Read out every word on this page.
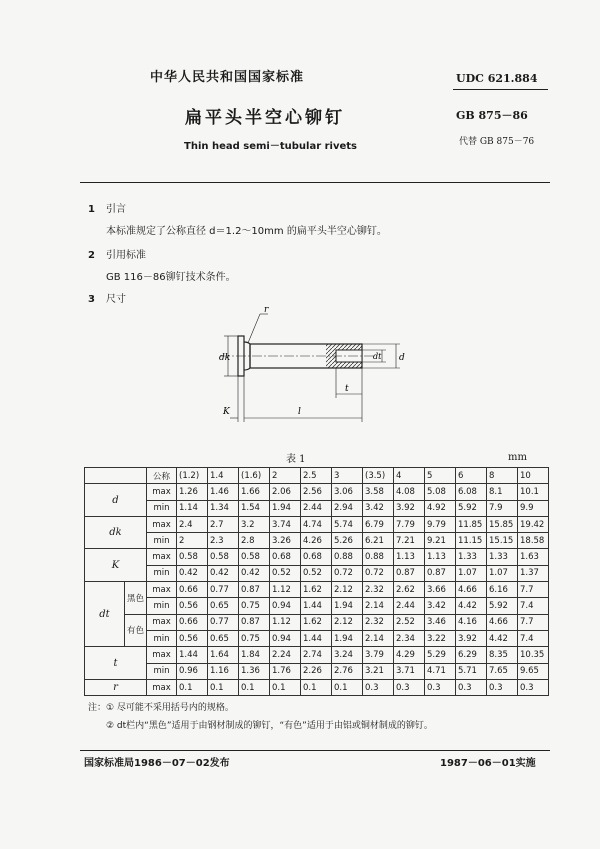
中华人民共和国国家标准	UDC 621.884
扁平头半空心铆钉	GB 875－86
Thin head semi－tubular rivets	代替 GB 875－76
1 引言
本标准规定了公称直径 d＝1.2～10mm 的扁平头半空心铆钉。
2 引用标准
GB 116－86铆钉技术条件。
3 尺寸
dk	d
dt
t
K	l
r
表 1	mm
		公称	(1.2)	1.4	(1.6)	2	2.5	3	(3.5)	4	5	6	8	10
d		max	1.26	1.46	1.66	2.06	2.56	3.06	3.58	4.08	5.08	6.08	8.1	10.1
		min	1.14	1.34	1.54	1.94	2.44	2.94	3.42	3.92	4.92	5.92	7.9	9.9
dk		max	2.4	2.7	3.2	3.74	4.74	5.74	6.79	7.79	9.79	11.85	15.85	19.42
		min	2	2.3	2.8	3.26	4.26	5.26	6.21	7.21	9.21	11.15	15.15	18.58
K		max	0.58	0.58	0.58	0.68	0.68	0.88	0.88	1.13	1.13	1.33	1.33	1.63
		min	0.42	0.42	0.42	0.52	0.52	0.72	0.72	0.87	0.87	1.07	1.07	1.37
dt	黑色	max	0.66	0.77	0.87	1.12	1.62	2.12	2.32	2.62	3.66	4.66	6.16	7.7
		min	0.56	0.65	0.75	0.94	1.44	1.94	2.14	2.44	3.42	4.42	5.92	7.4
	有色	max	0.66	0.77	0.87	1.12	1.62	2.12	2.32	2.52	3.46	4.16	4.66	7.7
		min	0.56	0.65	0.75	0.94	1.44	1.94	2.14	2.34	3.22	3.92	4.42	7.4
t		max	1.44	1.64	1.84	2.24	2.74	3.24	3.79	4.29	5.29	6.29	8.35	10.35
		min	0.96	1.16	1.36	1.76	2.26	2.76	3.21	3.71	4.71	5.71	7.65	9.65
r		max	0.1	0.1	0.1	0.1	0.1	0.1	0.3	0.3	0.3	0.3	0.3	0.3
注：① 尽可能不采用括号内的规格。
② dt栏内“黑色”适用于由钢材制成的铆钉，“有色”适用于由铝或铜材制成的铆钉。
国家标准局1986－07－02发布	1987－06－01实施
